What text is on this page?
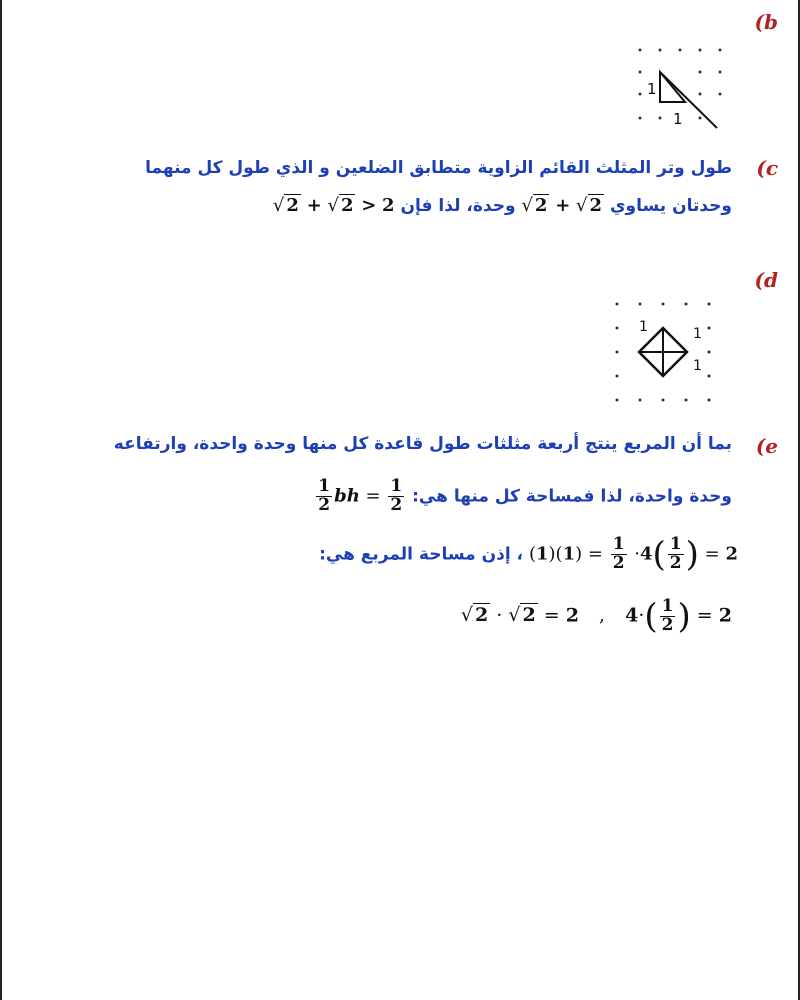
(b
1
1
(c
طول وتر المثلث القائم الزاوية متطابق الضلعين و الذي طول كل منهما
وحدتان يساوي √ 2 + √ 2 وحدة، لذا فإن √ 2 + √ 2 > 2
(d
1	1
1
(e
بما أن المربع ينتج أربعة مثلثات طول قاعدة كل منها وحدة واحدة، وارتفاعه
وحدة واحدة، لذا فمساحة كل منها هي:
$\frac{1}{2}$ bh = $\frac{1}{2}$
$(1)(1) = \frac{1}{2} \cdot 4( \frac{1}{2}$ ) = 2 ، إذن مساحة المربع هي:
√ 2 · √ 2 = 2 , $4\cdot( \frac{1}{2}$ ) = 2
